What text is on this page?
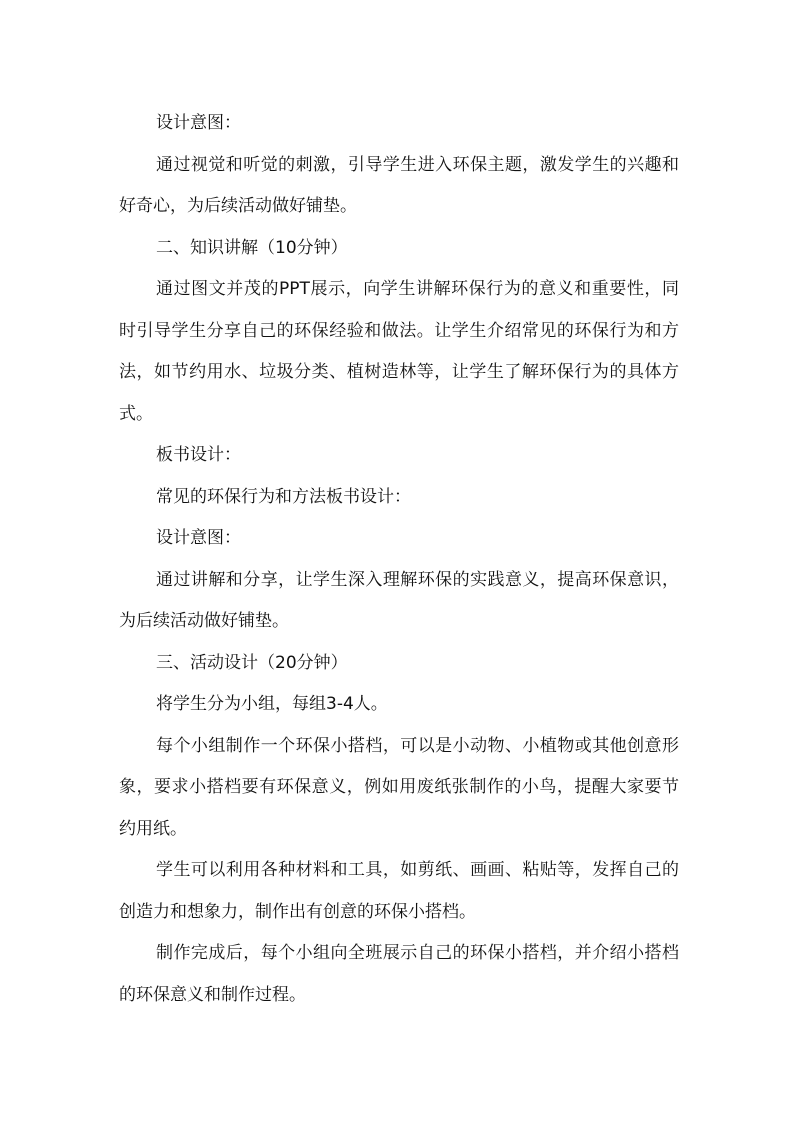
设计意图：

通过视觉和听觉的刺激，引导学生进入环保主题，激发学生的兴趣和好奇心，为后续活动做好铺垫。

二、知识讲解（10分钟）

通过图文并茂的PPT展示，向学生讲解环保行为的意义和重要性，同时引导学生分享自己的环保经验和做法。让学生介绍常见的环保行为和方法，如节约用水、垃圾分类、植树造林等，让学生了解环保行为的具体方式。

板书设计：

常见的环保行为和方法板书设计：

设计意图：

通过讲解和分享，让学生深入理解环保的实践意义，提高环保意识，为后续活动做好铺垫。

三、活动设计（20分钟）

将学生分为小组，每组3-4人。

每个小组制作一个环保小搭档，可以是小动物、小植物或其他创意形象，要求小搭档要有环保意义，例如用废纸张制作的小鸟，提醒大家要节约用纸。

学生可以利用各种材料和工具，如剪纸、画画、粘贴等，发挥自己的创造力和想象力，制作出有创意的环保小搭档。

制作完成后，每个小组向全班展示自己的环保小搭档，并介绍小搭档的环保意义和制作过程。
